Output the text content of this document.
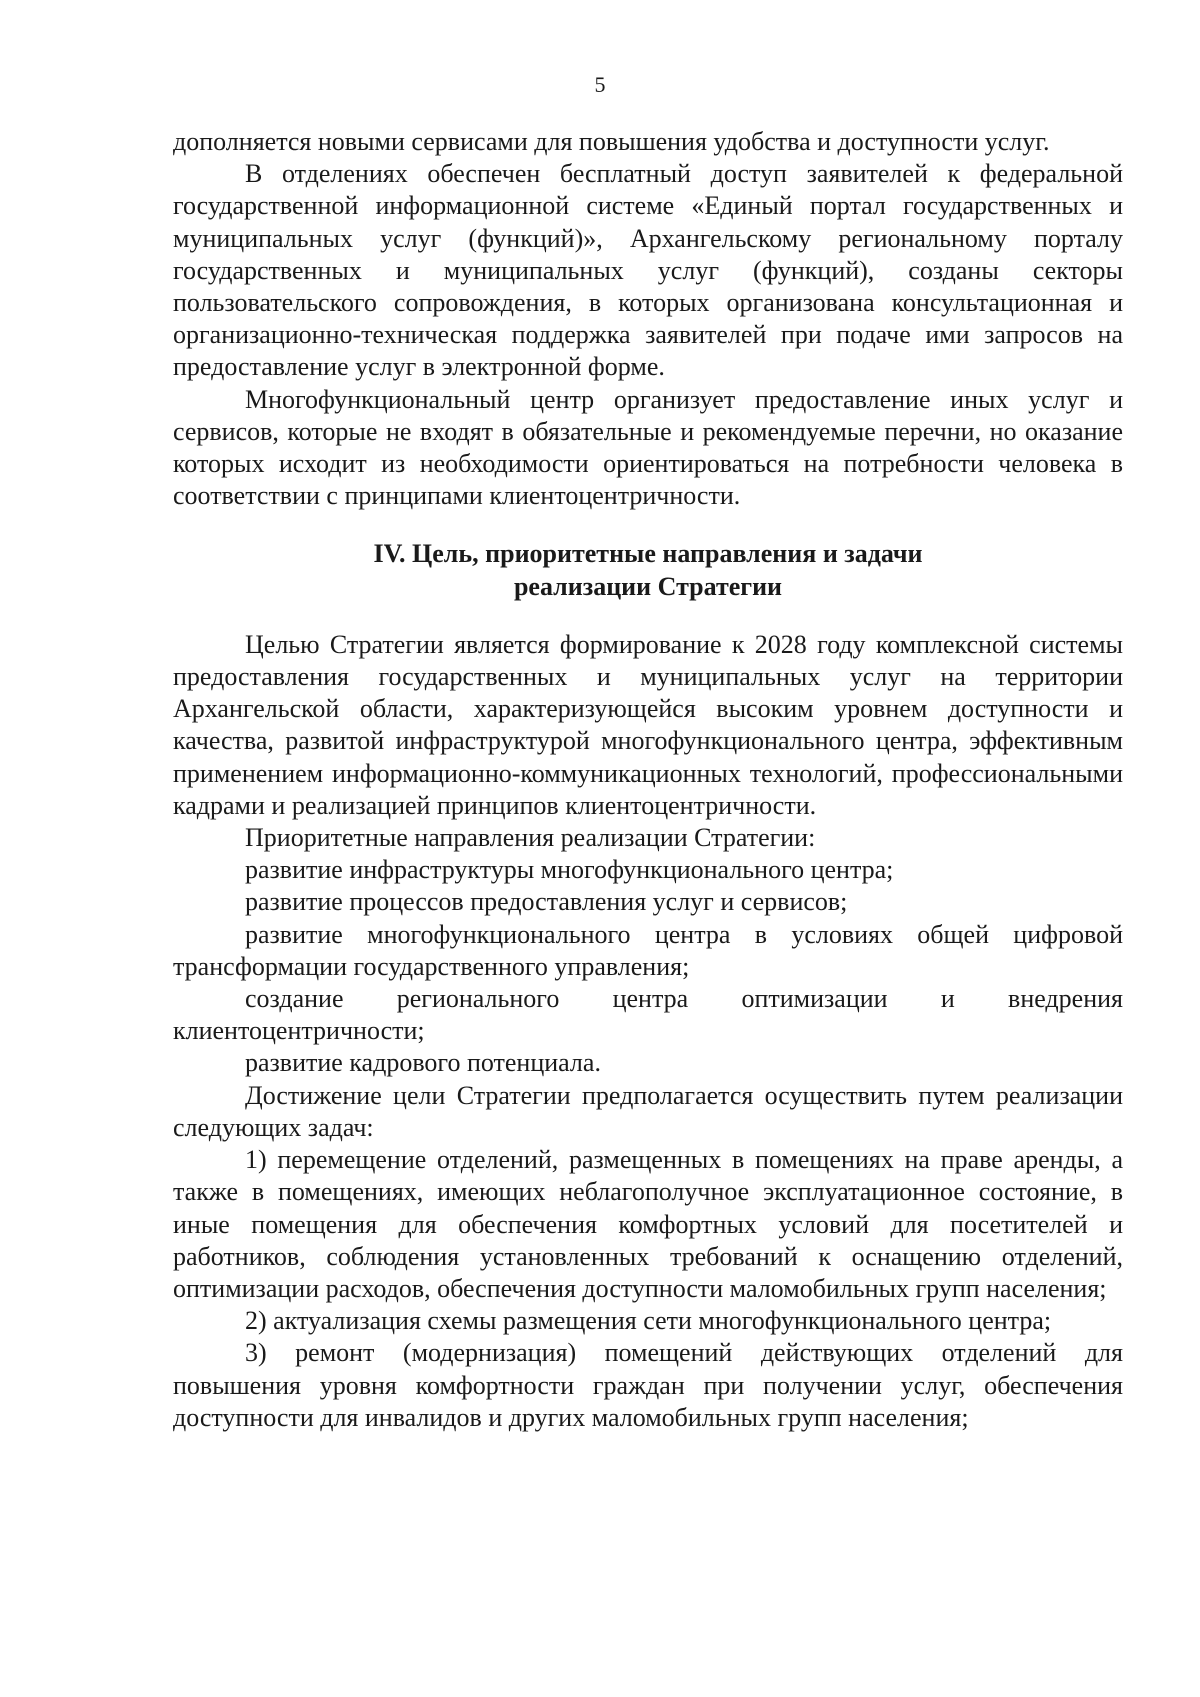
5

дополняется новыми сервисами для повышения удобства и доступности услуг.

В отделениях обеспечен бесплатный доступ заявителей к федеральной государственной информационной системе «Единый портал государственных и муниципальных услуг (функций)», Архангельскому региональному порталу государственных и муниципальных услуг (функций), созданы секторы пользовательского сопровождения, в которых организована консультационная и организационно-техническая поддержка заявителей при подаче ими запросов на предоставление услуг в электронной форме.

Многофункциональный центр организует предоставление иных услуг и сервисов, которые не входят в обязательные и рекомендуемые перечни, но оказание которых исходит из необходимости ориентироваться на потребности человека в соответствии с принципами клиентоцентричности.

IV. Цель, приоритетные направления и задачи
реализации Стратегии

Целью Стратегии является формирование к 2028 году комплексной системы предоставления государственных и муниципальных услуг на территории Архангельской области, характеризующейся высоким уровнем доступности и качества, развитой инфраструктурой многофункционального центра, эффективным применением информационно-коммуникационных технологий, профессиональными кадрами и реализацией принципов клиентоцентричности.

Приоритетные направления реализации Стратегии:

развитие инфраструктуры многофункционального центра;

развитие процессов предоставления услуг и сервисов;

развитие многофункционального центра в условиях общей цифровой трансформации государственного управления;

создание регионального центра оптимизации и внедрения клиентоцентричности;

развитие кадрового потенциала.

Достижение цели Стратегии предполагается осуществить путем реализации следующих задач:

1) перемещение отделений, размещенных в помещениях на праве аренды, а также в помещениях, имеющих неблагополучное эксплуатационное состояние, в иные помещения для обеспечения комфортных условий для посетителей и работников, соблюдения установленных требований к оснащению отделений, оптимизации расходов, обеспечения доступности маломобильных групп населения;

2) актуализация схемы размещения сети многофункционального центра;

3) ремонт (модернизация) помещений действующих отделений для повышения уровня комфортности граждан при получении услуг, обеспечения доступности для инвалидов и других маломобильных групп населения;
